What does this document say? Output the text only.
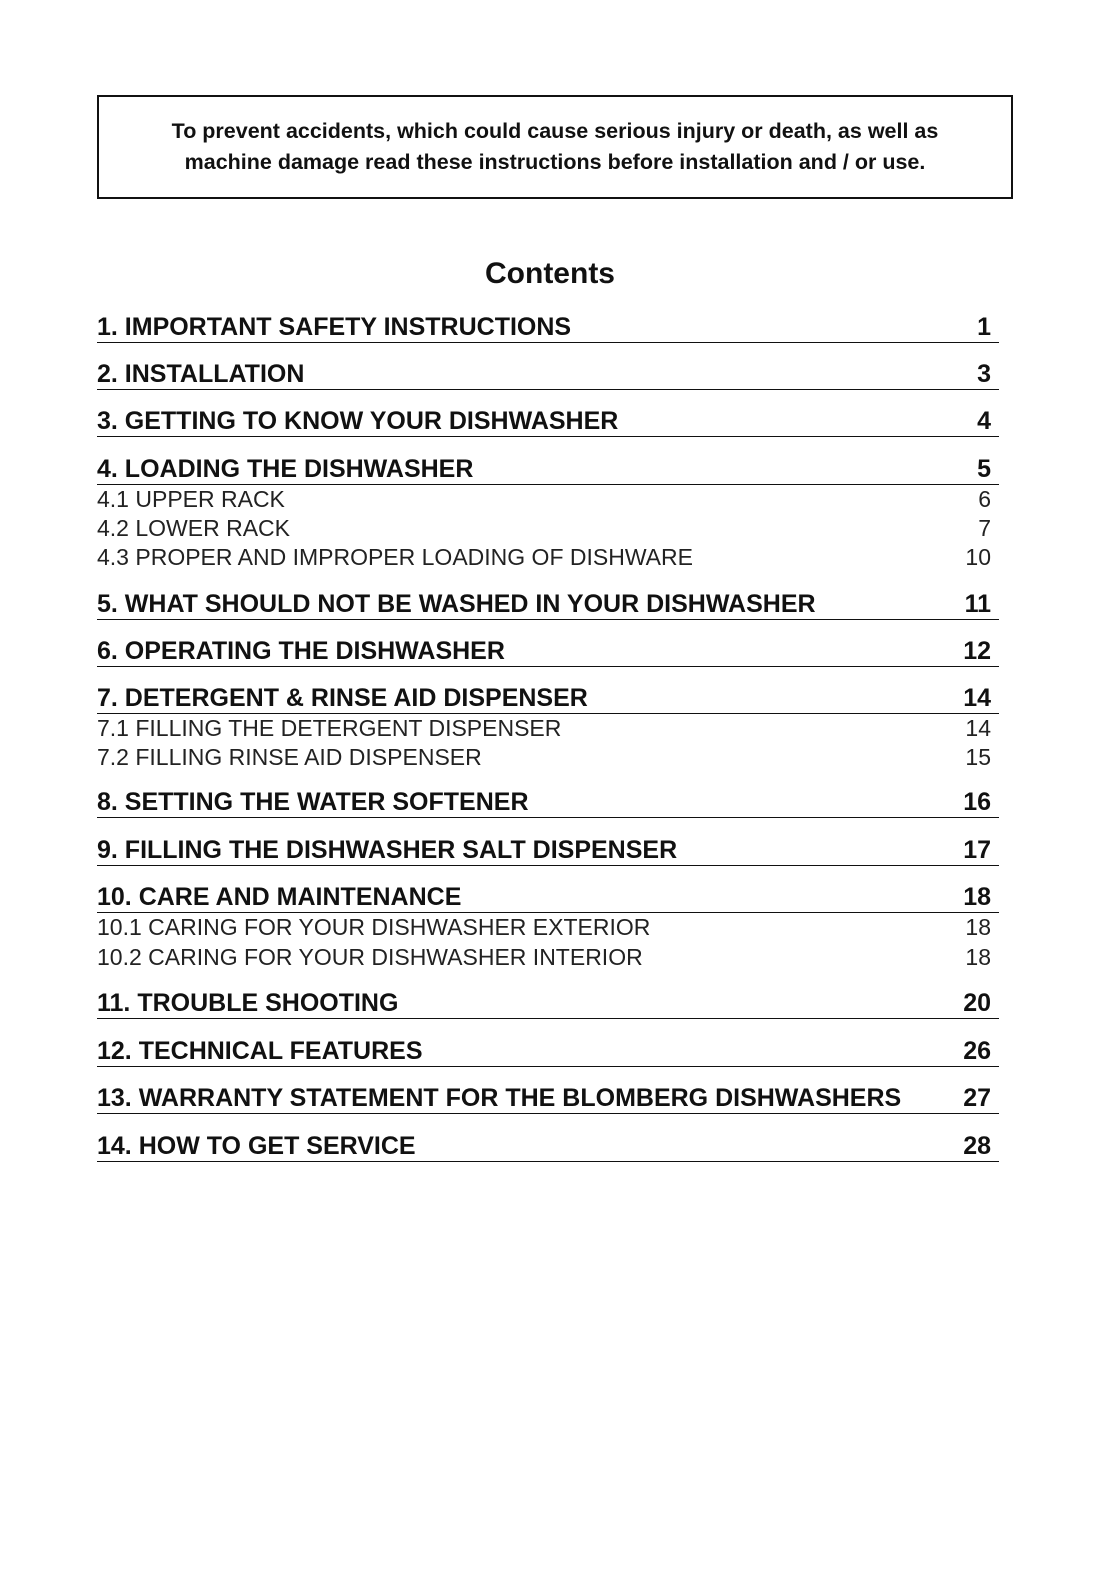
To prevent accidents, which could cause serious injury or death, as well as
machine damage read these instructions before installation and / or use.
Contents
1. IMPORTANT SAFETY INSTRUCTIONS	1
2. INSTALLATION	3
3. GETTING TO KNOW YOUR DISHWASHER	4
4. LOADING THE DISHWASHER	5
4.1 UPPER RACK	6
4.2 LOWER RACK	7
4.3 PROPER AND IMPROPER LOADING OF DISHWARE	10
5. WHAT SHOULD NOT BE WASHED IN YOUR DISHWASHER	11
6. OPERATING THE DISHWASHER	12
7. DETERGENT & RINSE AID DISPENSER	14
7.1 FILLING THE DETERGENT DISPENSER	14
7.2 FILLING RINSE AID DISPENSER	15
8. SETTING THE WATER SOFTENER	16
9. FILLING THE DISHWASHER SALT DISPENSER	17
10. CARE AND MAINTENANCE	18
10.1 CARING FOR YOUR DISHWASHER EXTERIOR	18
10.2 CARING FOR YOUR DISHWASHER INTERIOR	18
11. TROUBLE SHOOTING	20
12. TECHNICAL FEATURES	26
13. WARRANTY STATEMENT FOR THE BLOMBERG DISHWASHERS 27
14. HOW TO GET SERVICE	28
